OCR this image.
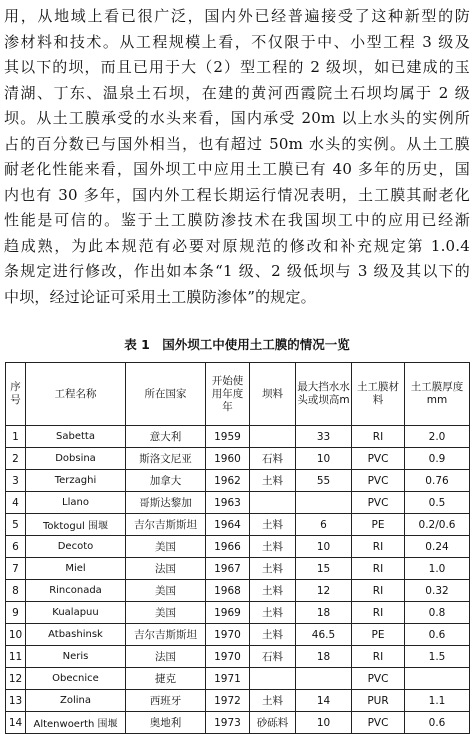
用，从地域上看已很广泛，国内外已经普遍接受了这种新型的防
渗材料和技术。从工程规模上看，不仅限于中、小型工程 3 级及
其以下的坝，而且已用于大（2）型工程的 2 级坝，如已建成的玉
清湖、丁东、温泉土石坝，在建的黄河西霞院土石坝均属于 2 级
坝。从土工膜承受的水头来看，国内承受 20m 以上水头的实例所
占的百分数已与国外相当，也有超过 50m 水头的实例。从土工膜
耐老化性能来看，国外坝工中应用土工膜已有 40 多年的历史，国
内也有 30 多年，国内外工程长期运行情况表明，土工膜其耐老化
性能是可信的。鉴于土工膜防渗技术在我国坝工中的应用已经渐
趋成熟，为此本规范有必要对原规范的修改和补充规定第 1.0.4
条规定进行修改，作出如本条“1 级、2 级低坝与 3 级及其以下的
中坝，经过论证可采用土工膜防渗体”的规定。
表 1 国外坝工中使用土工膜的情况一览
序号	工程名称	所在国家	开始使用年度年	坝料	最大挡水水头或坝高m	土工膜材料	土工膜厚度mm
1	Sabetta	意大利	1959		33	RI	2.0
2	Dobsina	斯洛文尼亚	1960	石料	10	PVC	0.9
3	Terzaghi	加拿大	1962	土料	55	PVC	0.76
4	Llano	哥斯达黎加	1963			PVC	0.5
5	Toktogul 围堰	吉尔吉斯斯坦	1964	土料	6	PE	0.2/0.6
6	Decoto	美国	1966	土料	10	RI	0.24
7	Miel	法国	1967	土料	15	RI	1.0
8	Rinconada	美国	1968	土料	12	RI	0.32
9	Kualapuu	美国	1969	土料	18	RI	0.8
10	Atbashinsk	吉尔吉斯斯坦	1970	土料	46.5	PE	0.6
11	Neris	法国	1970	石料	18	RI	1.5
12	Obecnice	捷克	1971			PVC	
13	Zolina	西班牙	1972	土料	14	PUR	1.1
14	Altenwoerth 围堰	奥地利	1973	砂砾料	10	PVC	0.6
